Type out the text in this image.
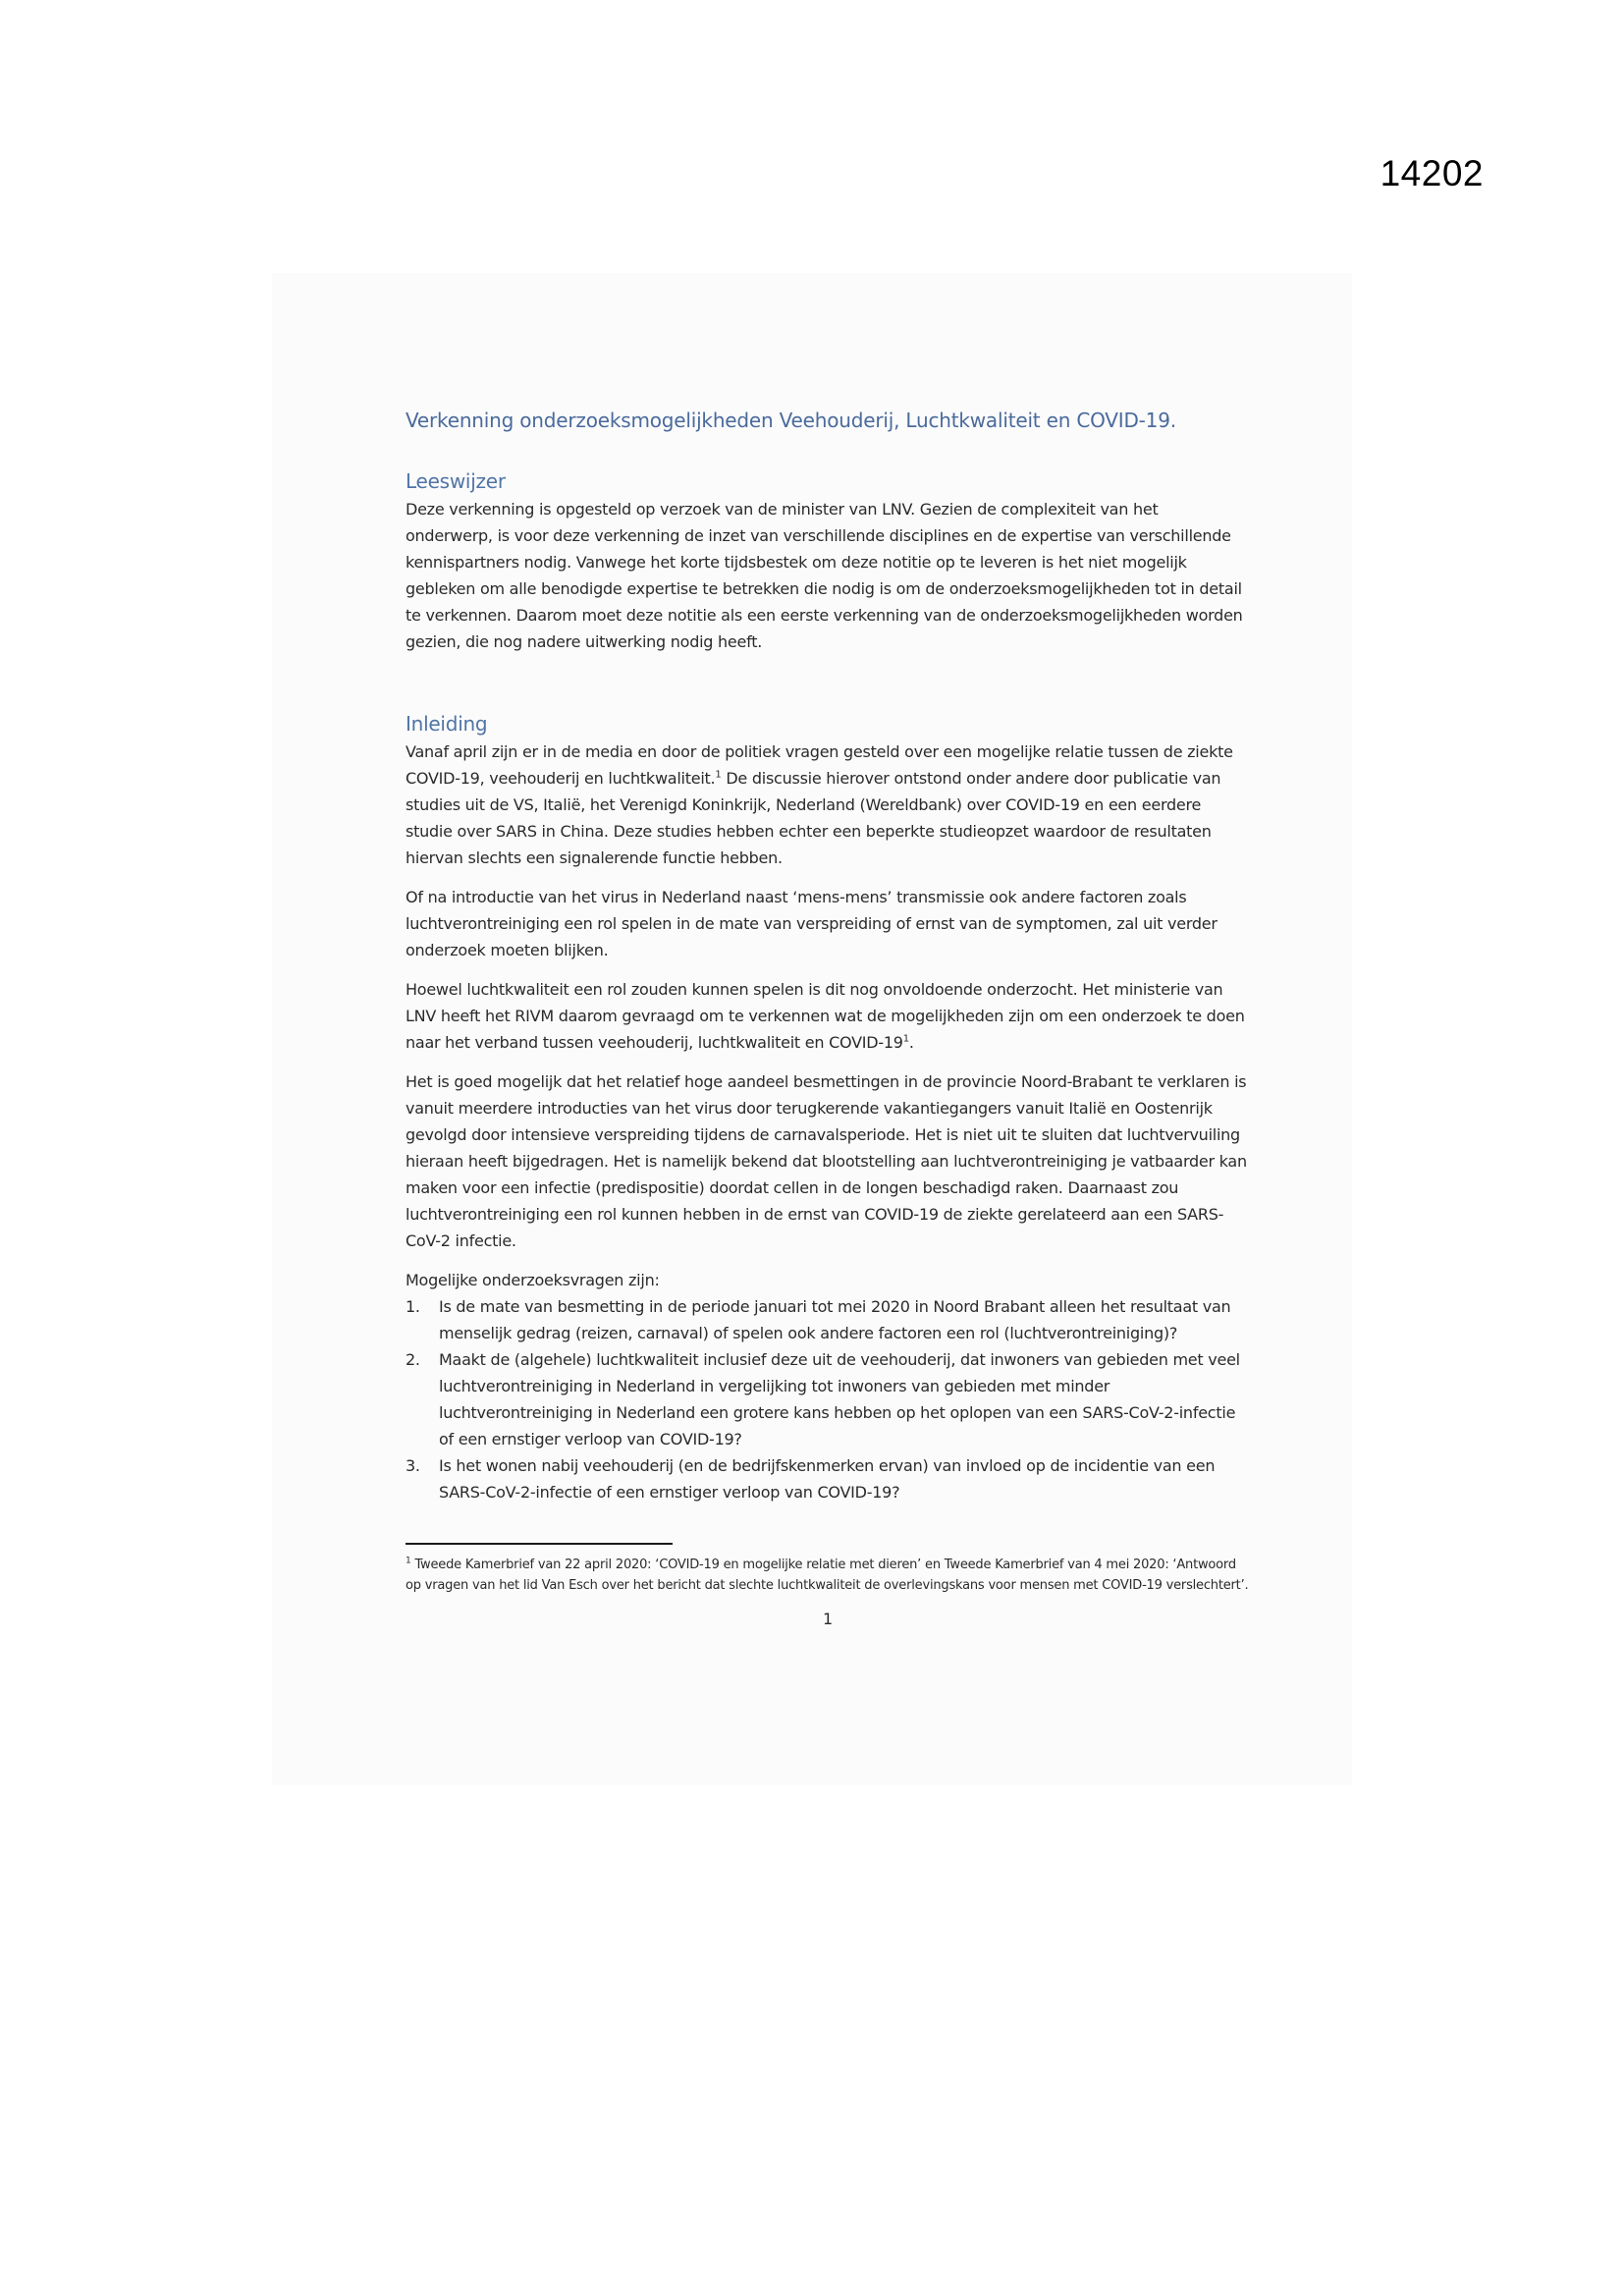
14202
Verkenning onderzoeksmogelijkheden Veehouderij, Luchtkwaliteit en COVID-19.
Leeswijzer

Deze verkenning is opgesteld op verzoek van de minister van LNV. Gezien de complexiteit van het onderwerp, is voor deze verkenning de inzet van verschillende disciplines en de expertise van verschillende kennispartners nodig. Vanwege het korte tijdsbestek om deze notitie op te leveren is het niet mogelijk gebleken om alle benodigde expertise te betrekken die nodig is om de onderzoeksmogelijkheden tot in detail te verkennen. Daarom moet deze notitie als een eerste verkenning van de onderzoeksmogelijkheden worden gezien, die nog nadere uitwerking nodig heeft.

Inleiding

Vanaf april zijn er in de media en door de politiek vragen gesteld over een mogelijke relatie tussen de ziekte COVID-19, veehouderij en luchtkwaliteit.$^1$ De discussie hierover ontstond onder andere door publicatie van studies uit de VS, Italië, het Verenigd Koninkrijk, Nederland (Wereldbank) over COVID-19 en een eerdere studie over SARS in China. Deze studies hebben echter een beperkte studieopzet waardoor de resultaten hiervan slechts een signalerende functie hebben.

Of na introductie van het virus in Nederland naast ‘mens-mens’ transmissie ook andere factoren zoals luchtverontreiniging een rol spelen in de mate van verspreiding of ernst van de symptomen, zal uit verder onderzoek moeten blijken.

Hoewel luchtkwaliteit een rol zouden kunnen spelen is dit nog onvoldoende onderzocht. Het ministerie van LNV heeft het RIVM daarom gevraagd om te verkennen wat de mogelijkheden zijn om een onderzoek te doen naar het verband tussen veehouderij, luchtkwaliteit en COVID-$19^1$.

Het is goed mogelijk dat het relatief hoge aandeel besmettingen in de provincie Noord-Brabant te verklaren is vanuit meerdere introducties van het virus door terugkerende vakantiegangers vanuit Italië en Oostenrijk gevolgd door intensieve verspreiding tijdens de carnavalsperiode. Het is niet uit te sluiten dat luchtvervuiling hieraan heeft bijgedragen. Het is namelijk bekend dat blootstelling aan luchtverontreiniging je vatbaarder kan maken voor een infectie (predispositie) doordat cellen in de longen beschadigd raken. Daarnaast zou luchtverontreiniging een rol kunnen hebben in de ernst van COVID-19 de ziekte gerelateerd aan een SARS-CoV-2 infectie.

Mogelijke onderzoeksvragen zijn:
1. Is de mate van besmetting in de periode januari tot mei 2020 in Noord Brabant alleen het resultaat van menselijk gedrag (reizen, carnaval) of spelen ook andere factoren een rol (luchtverontreiniging)?
2. Maakt de (algehele) luchtkwaliteit inclusief deze uit de veehouderij, dat inwoners van gebieden met veel luchtverontreiniging in Nederland in vergelijking tot inwoners van gebieden met minder luchtverontreiniging in Nederland een grotere kans hebben op het oplopen van een SARS-CoV-2-infectie of een ernstiger verloop van COVID-19?
3. Is het wonen nabij veehouderij (en de bedrijfskenmerken ervan) van invloed op de incidentie van een SARS-CoV-2-infectie of een ernstiger verloop van COVID-19?
$^1$ Tweede Kamerbrief van 22 april 2020: ‘COVID-19 en mogelijke relatie met dieren’ en Tweede Kamerbrief van 4 mei 2020: ‘Antwoord op vragen van het lid Van Esch over het bericht dat slechte luchtkwaliteit de overlevingskans voor mensen met COVID-19 verslechtert’.
1
